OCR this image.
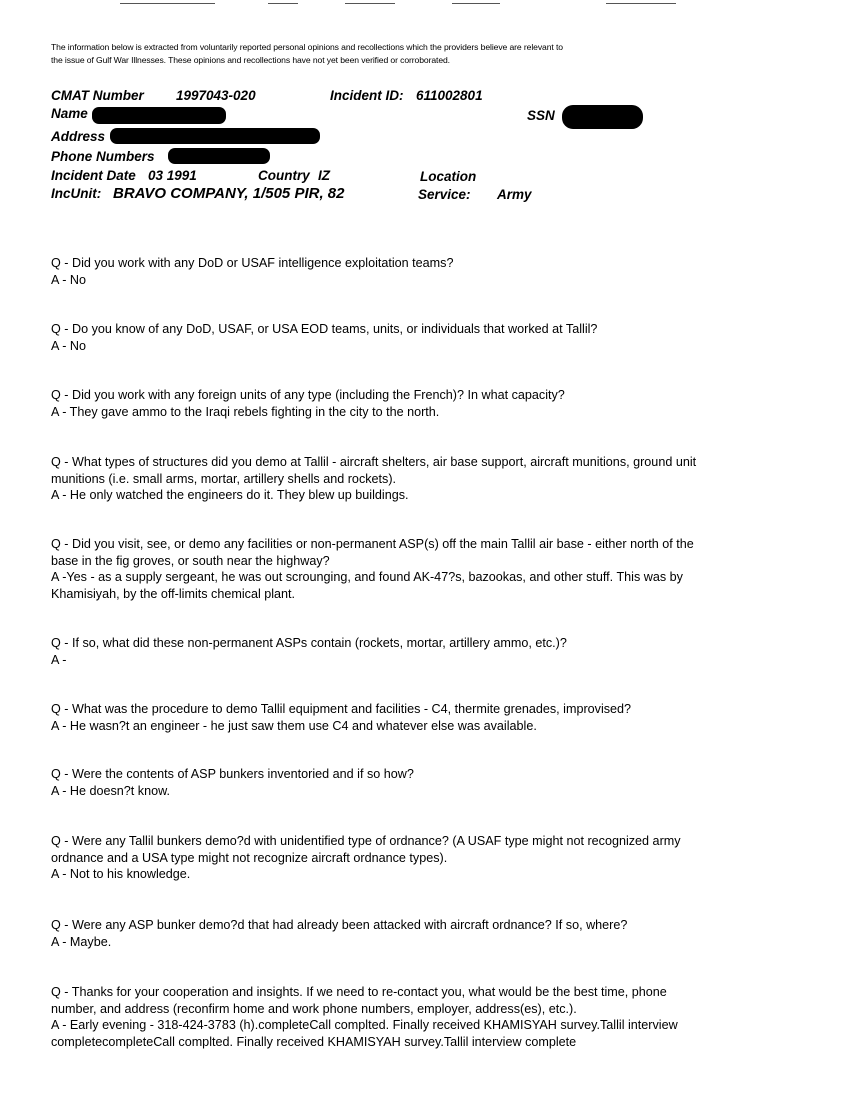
The information below is extracted from voluntarily reported personal opinions and recollections which the providers believe are relevant to the issue of Gulf War Illnesses. These opinions and recollections have not yet been verified or corroborated.
CMAT Number 1997043-020	Incident ID: 611002801
Name	SSN
Address
Phone Numbers
Incident Date 03 1991	Country IZ	Location
IncUnit: BRAVO COMPANY, 1/505 PIR, 82	Service: Army

Q - Did you work with any DoD or USAF intelligence exploitation teams?

A - No

Q - Do you know of any DoD, USAF, or USA EOD teams, units, or individuals that worked at Tallil?

A - No

Q - Did you work with any foreign units of any type (including the French)? In what capacity?

A - They gave ammo to the Iraqi rebels fighting in the city to the north.

Q - What types of structures did you demo at Tallil - aircraft shelters, air base support, aircraft munitions, ground unit munitions (i.e. small arms, mortar, artillery shells and rockets).

A - He only watched the engineers do it. They blew up buildings.

Q - Did you visit, see, or demo any facilities or non-permanent ASP(s) off the main Tallil air base - either north of the base in the fig groves, or south near the highway?

A -Yes - as a supply sergeant, he was out scrounging, and found AK-47?s, bazookas, and other stuff. This was by Khamisiyah, by the off-limits chemical plant.

Q - If so, what did these non-permanent ASPs contain (rockets, mortar, artillery ammo, etc.)?

A -

Q - What was the procedure to demo Tallil equipment and facilities - C4, thermite grenades, improvised?

A - He wasn?t an engineer - he just saw them use C4 and whatever else was available.

Q - Were the contents of ASP bunkers inventoried and if so how?

A - He doesn?t know.

Q - Were any Tallil bunkers demo?d with unidentified type of ordnance? (A USAF type might not recognized army ordnance and a USA type might not recognize aircraft ordnance types).

A - Not to his knowledge.

Q - Were any ASP bunker demo?d that had already been attacked with aircraft ordnance? If so, where?

A - Maybe.

Q - Thanks for your cooperation and insights. If we need to re-contact you, what would be the best time, phone number, and address (reconfirm home and work phone numbers, employer, address(es), etc.).

A - Early evening - 318-424-3783 (h).completeCall complted. Finally received KHAMISYAH survey.Tallil interview completecompleteCall complted. Finally received KHAMISYAH survey.Tallil interview complete
